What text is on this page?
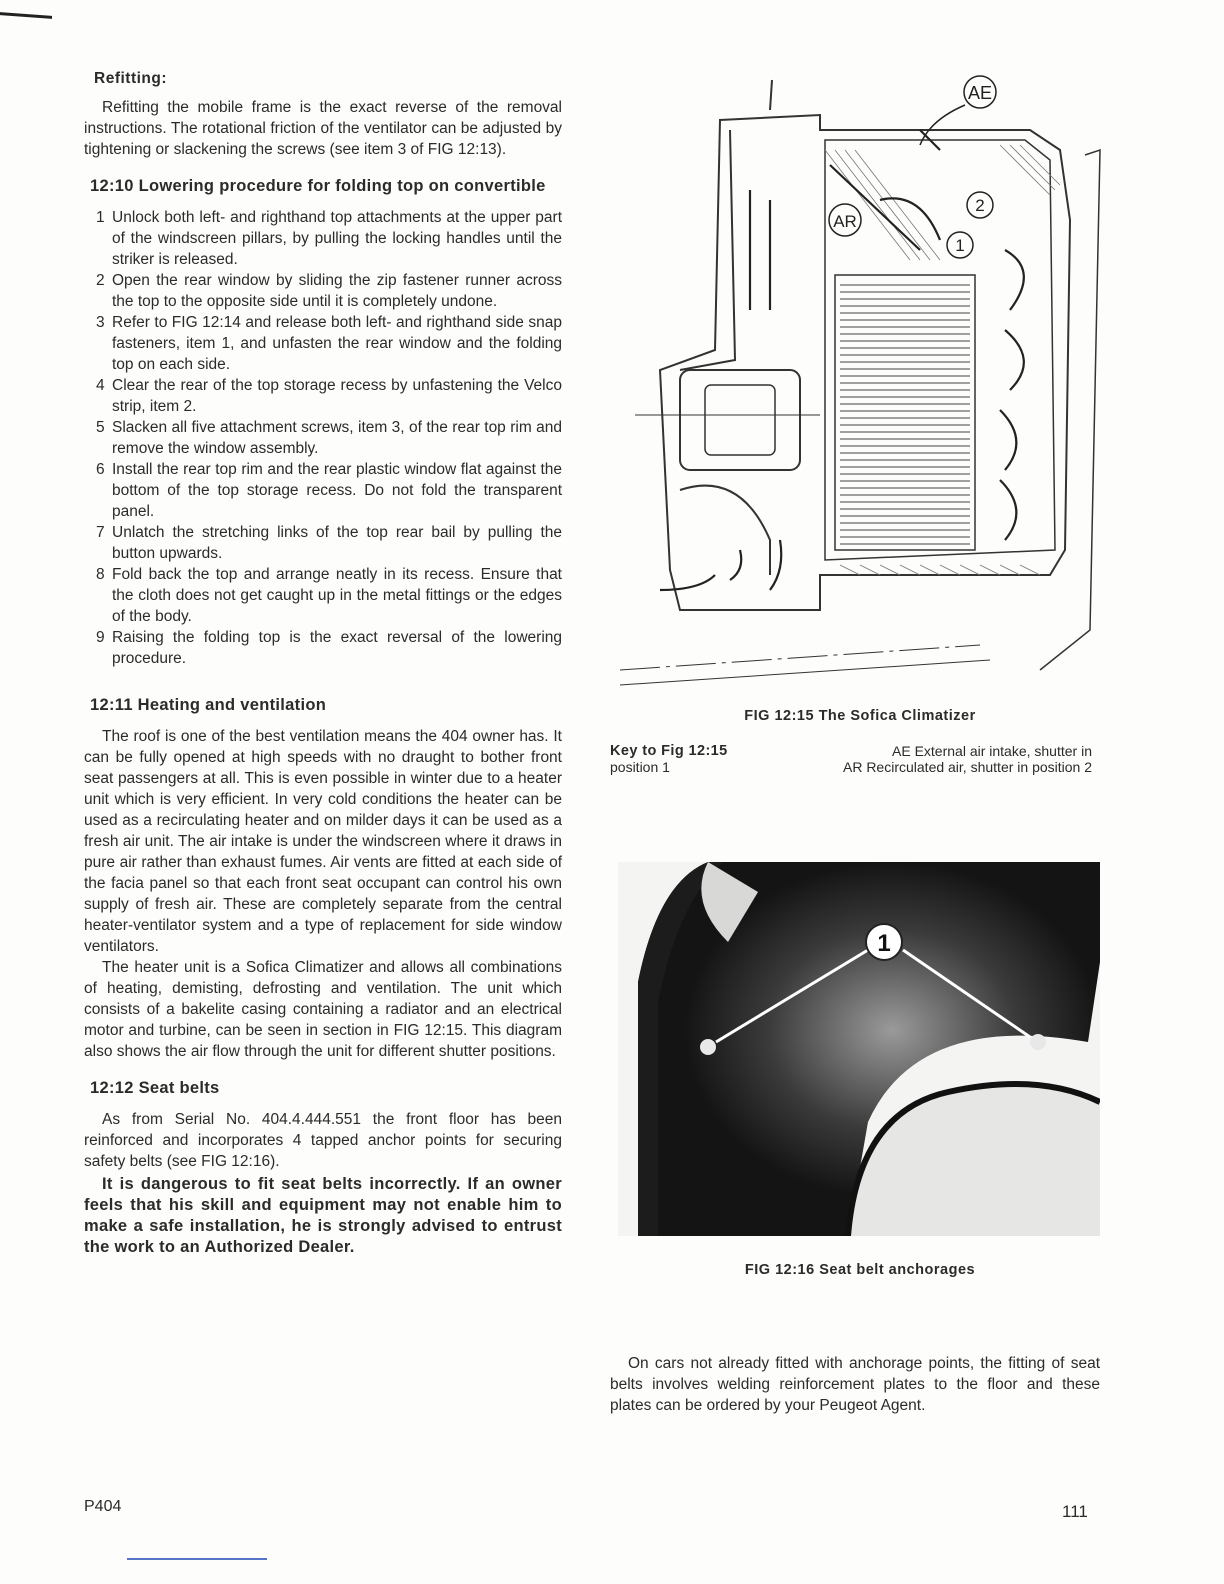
Refitting:

Refitting the mobile frame is the exact reverse of the removal instructions. The rotational friction of the ventilator can be adjusted by tightening or slackening the screws (see item 3 of FIG 12:13).

12:10 Lowering procedure for folding top on convertible
1 Unlock both left- and righthand top attachments at the upper part of the windscreen pillars, by pulling the locking handles until the striker is released.
2 Open the rear window by sliding the zip fastener runner across the top to the opposite side until it is completely undone.
3 Refer to FIG 12:14 and release both left- and righthand side snap fasteners, item 1, and unfasten the rear window and the folding top on each side.
4 Clear the rear of the top storage recess by unfastening the Velco strip, item 2.
5 Slacken all five attachment screws, item 3, of the rear top rim and remove the window assembly.
6 Install the rear top rim and the rear plastic window flat against the bottom of the top storage recess. Do not fold the transparent panel.
7 Unlatch the stretching links of the top rear bail by pulling the button upwards.
8 Fold back the top and arrange neatly in its recess. Ensure that the cloth does not get caught up in the metal fittings or the edges of the body.
9 Raising the folding top is the exact reversal of the lowering procedure.
12:11 Heating and ventilation

The roof is one of the best ventilation means the 404 owner has. It can be fully opened at high speeds with no draught to bother front seat passengers at all. This is even possible in winter due to a heater unit which is very efficient. In very cold conditions the heater can be used as a recirculating heater and on milder days it can be used as a fresh air unit. The air intake is under the windscreen where it draws in pure air rather than exhaust fumes. Air vents are fitted at each side of the facia panel so that each front seat occupant can control his own supply of fresh air. These are completely separate from the central heater-ventilator system and a type of replacement for side window ventilators.

The heater unit is a Sofica Climatizer and allows all combinations of heating, demisting, defrosting and ventilation. The unit which consists of a bakelite casing containing a radiator and an electrical motor and turbine, can be seen in section in FIG 12:15. This diagram also shows the air flow through the unit for different shutter positions.

12:12 Seat belts

As from Serial No. 404.4.444.551 the front floor has been reinforced and incorporates 4 tapped anchor points for securing safety belts (see FIG 12:16).

It is dangerous to fit seat belts incorrectly. If an owner feels that his skill and equipment may not enable him to make a safe installation, he is strongly advised to entrust the work to an Authorized Dealer.

AE
AR
1
2
FIG 12:15 The Sofica Climatizer
Key to Fig 12:15
position 1
AE External air intake, shutter in
AR Recirculated air, shutter in position 2
1
FIG 12:16 Seat belt anchorages

On cars not already fitted with anchorage points, the fitting of seat belts involves welding reinforcement plates to the floor and these plates can be ordered by your Peugeot Agent.

P404	111
